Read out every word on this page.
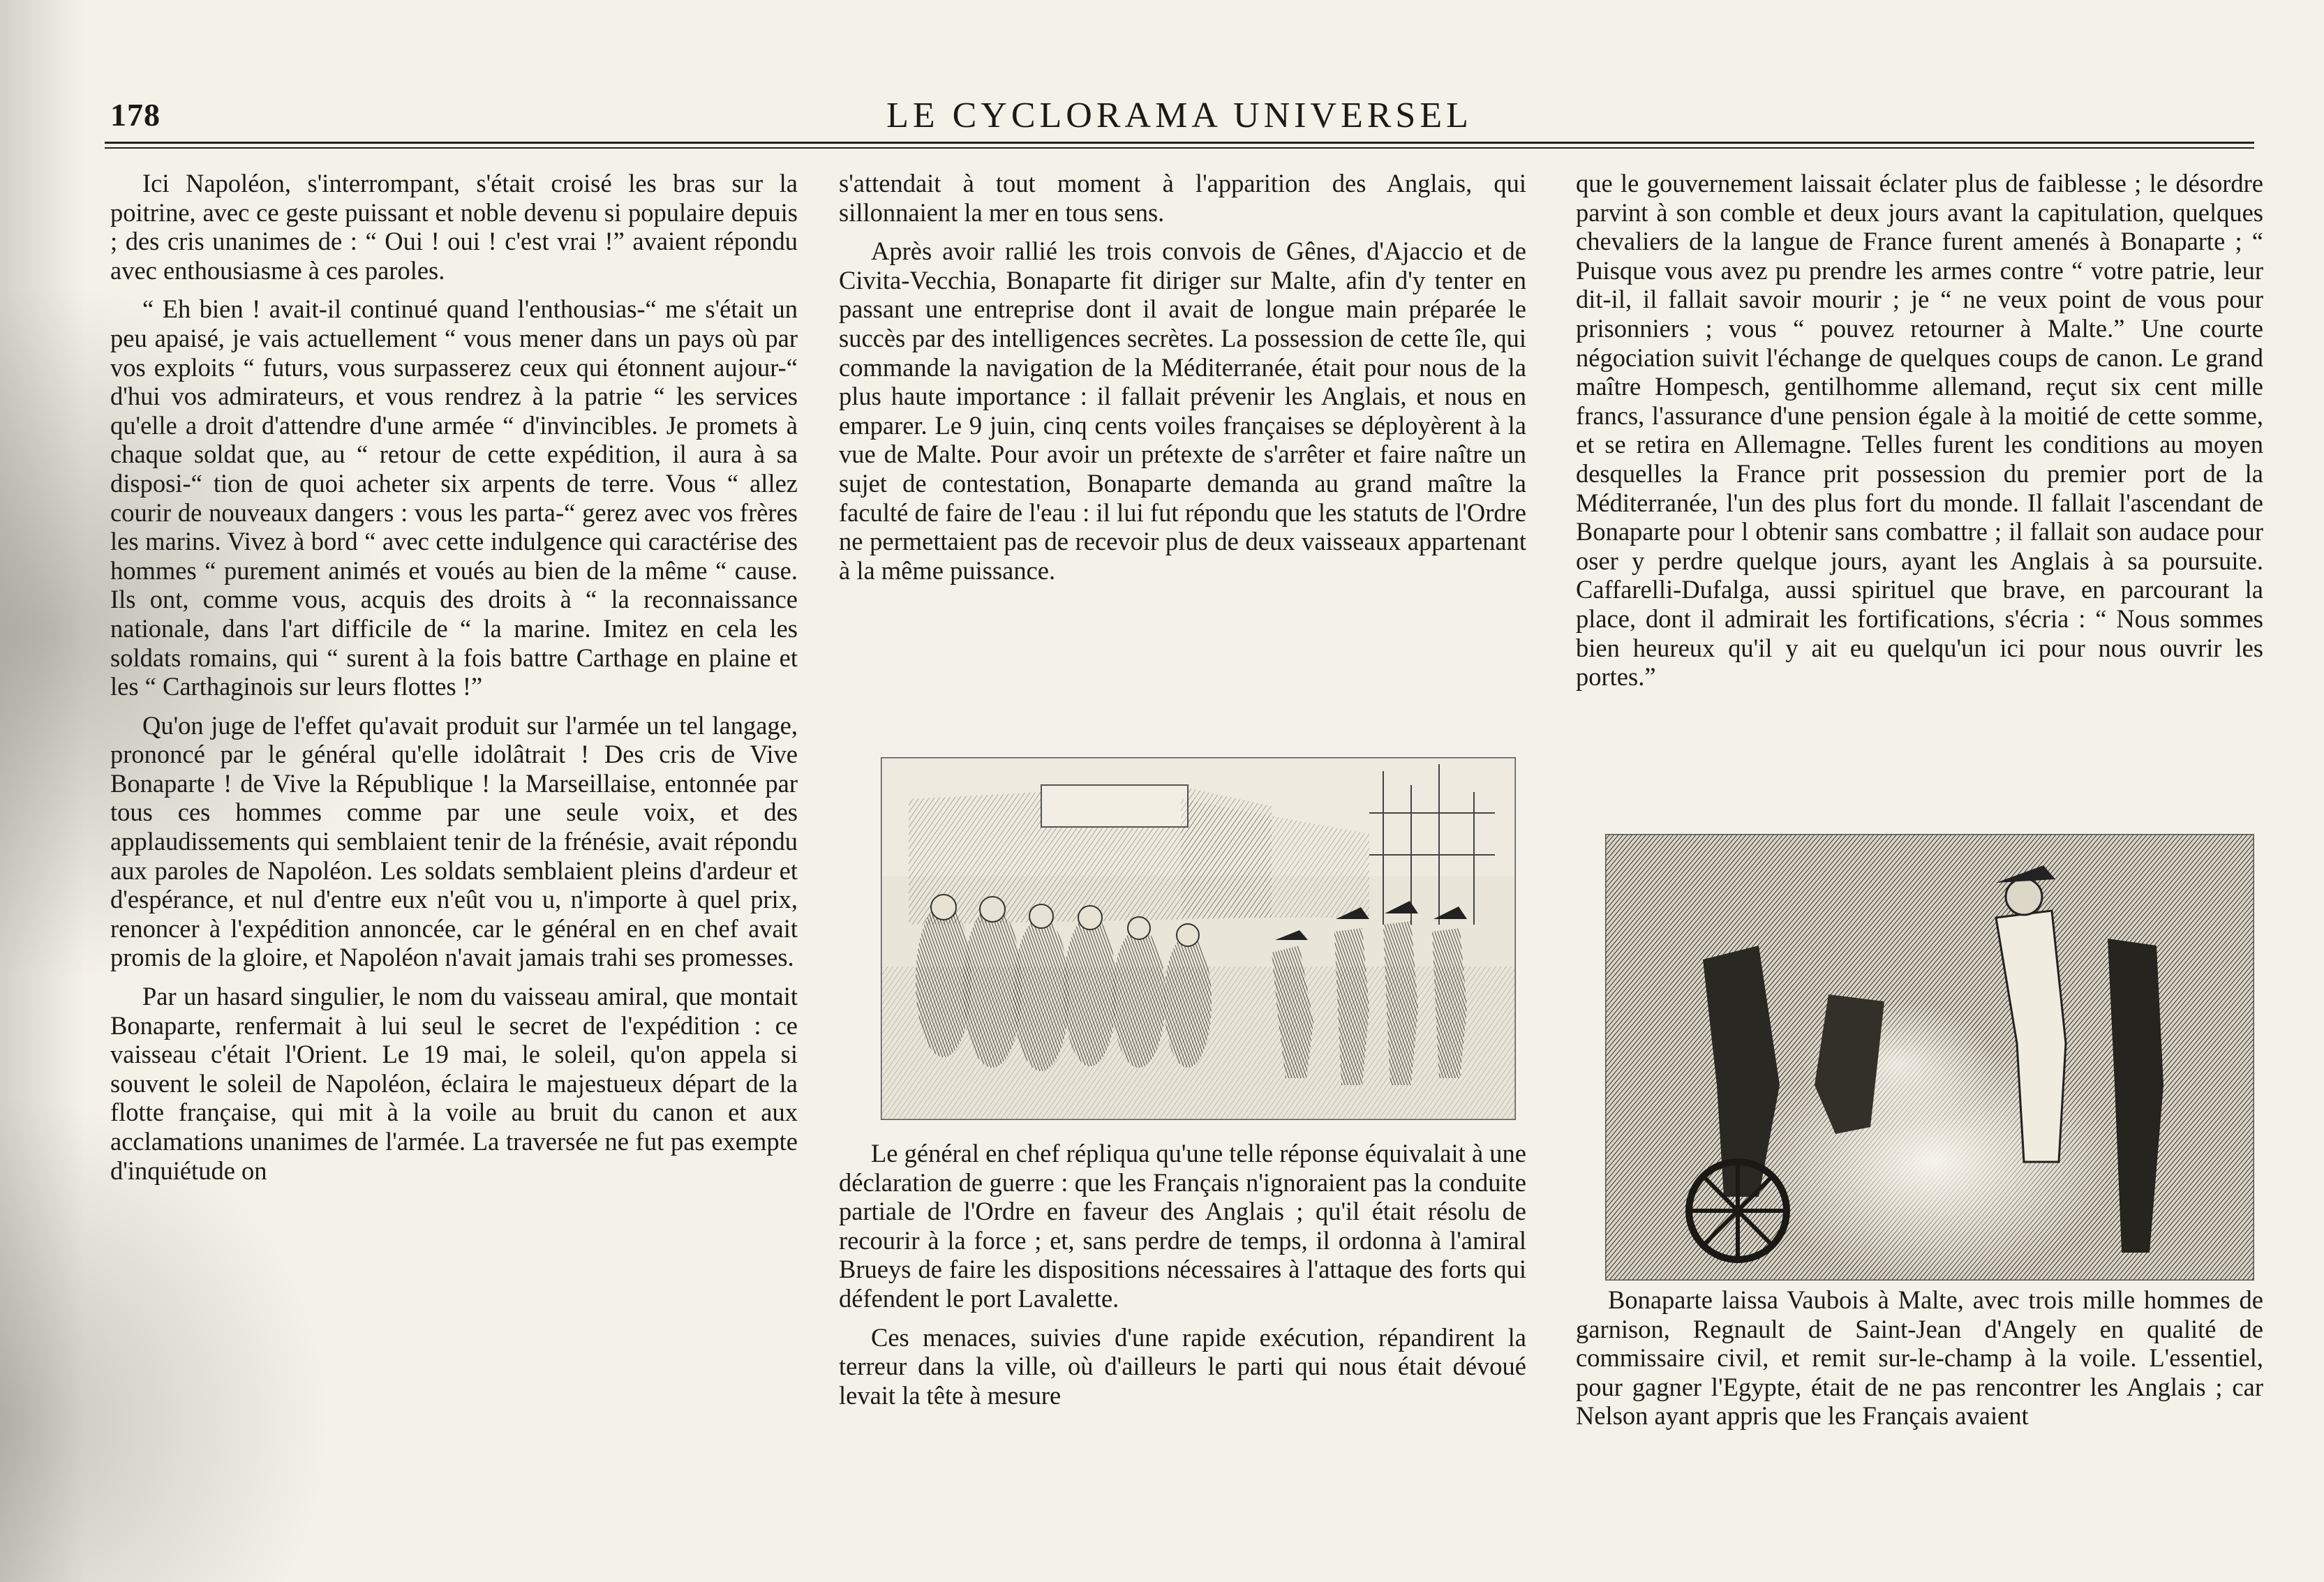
178	LE CYCLORAMA UNIVERSEL

Ici Napoléon, s'interrompant, s'était croisé les bras sur la poitrine, avec ce geste puissant et noble devenu si populaire depuis ; des cris unanimes de : “ Oui ! oui ! c'est vrai !” avaient répondu avec enthousiasme à ces paroles.

“ Eh bien ! avait-il continué quand l'enthousias-“ me s'était un peu apaisé, je vais actuellement “ vous mener dans un pays où par vos exploits “ futurs, vous surpasserez ceux qui étonnent aujour-“ d'hui vos admirateurs, et vous rendrez à la patrie “ les services qu'elle a droit d'attendre d'une armée “ d'invincibles. Je promets à chaque soldat que, au “ retour de cette expédition, il aura à sa disposi-“ tion de quoi acheter six arpents de terre. Vous “ allez courir de nouveaux dangers : vous les parta-“ gerez avec vos frères les marins. Vivez à bord “ avec cette indulgence qui caractérise des hommes “ purement animés et voués au bien de la même “ cause. Ils ont, comme vous, acquis des droits à “ la reconnaissance nationale, dans l'art difficile de “ la marine. Imitez en cela les soldats romains, qui “ surent à la fois battre Carthage en plaine et les “ Carthaginois sur leurs flottes !”

Qu'on juge de l'effet qu'avait produit sur l'armée un tel langage, prononcé par le général qu'elle idolâtrait ! Des cris de Vive Bonaparte ! de Vive la République ! la Marseillaise, entonnée par tous ces hommes comme par une seule voix, et des applaudissements qui semblaient tenir de la frénésie, avait répondu aux paroles de Napoléon. Les soldats semblaient pleins d'ardeur et d'espérance, et nul d'entre eux n'eût vou u, n'importe à quel prix, renoncer à l'expédition annoncée, car le général en en chef avait promis de la gloire, et Napoléon n'avait jamais trahi ses promesses.

Par un hasard singulier, le nom du vaisseau amiral, que montait Bonaparte, renfermait à lui seul le secret de l'expédition : ce vaisseau c'était l'Orient. Le 19 mai, le soleil, qu'on appela si souvent le soleil de Napoléon, éclaira le majestueux départ de la flotte française, qui mit à la voile au bruit du canon et aux acclamations unanimes de l'armée. La traversée ne fut pas exempte d'inquiétude on

s'attendait à tout moment à l'apparition des Anglais, qui sillonnaient la mer en tous sens.

Après avoir rallié les trois convois de Gênes, d'Ajaccio et de Civita-Vecchia, Bonaparte fit diriger sur Malte, afin d'y tenter en passant une entreprise dont il avait de longue main préparée le succès par des intelligences secrètes. La possession de cette île, qui commande la navigation de la Méditerranée, était pour nous de la plus haute importance : il fallait prévenir les Anglais, et nous en emparer. Le 9 juin, cinq cents voiles françaises se déployèrent à la vue de Malte. Pour avoir un prétexte de s'arrêter et faire naître un sujet de contestation, Bonaparte demanda au grand maître la faculté de faire de l'eau : il lui fut répondu que les statuts de l'Ordre ne permettaient pas de recevoir plus de deux vaisseaux appartenant à la même puissance.

Le général en chef répliqua qu'une telle réponse équivalait à une déclaration de guerre : que les Français n'ignoraient pas la conduite partiale de l'Ordre en faveur des Anglais ; qu'il était résolu de recourir à la force ; et, sans perdre de temps, il ordonna à l'amiral Brueys de faire les dispositions nécessaires à l'attaque des forts qui défendent le port Lavalette.

Ces menaces, suivies d'une rapide exécution, répandirent la terreur dans la ville, où d'ailleurs le parti qui nous était dévoué levait la tête à mesure

que le gouvernement laissait éclater plus de faiblesse ; le désordre parvint à son comble et deux jours avant la capitulation, quelques chevaliers de la langue de France furent amenés à Bonaparte ; “ Puisque vous avez pu prendre les armes contre “ votre patrie, leur dit-il, il fallait savoir mourir ; je “ ne veux point de vous pour prisonniers ; vous “ pouvez retourner à Malte.” Une courte négociation suivit l'échange de quelques coups de canon. Le grand maître Hompesch, gentilhomme allemand, reçut six cent mille francs, l'assurance d'une pension égale à la moitié de cette somme, et se retira en Allemagne. Telles furent les conditions au moyen desquelles la France prit possession du premier port de la Méditerranée, l'un des plus fort du monde. Il fallait l'ascendant de Bonaparte pour l obtenir sans combattre ; il fallait son audace pour oser y perdre quelque jours, ayant les Anglais à sa poursuite. Caffarelli-Dufalga, aussi spirituel que brave, en parcourant la place, dont il admirait les fortifications, s'écria : “ Nous sommes bien heureux qu'il y ait eu quelqu'un ici pour nous ouvrir les portes.”

Bonaparte laissa Vaubois à Malte, avec trois mille hommes de garnison, Regnault de Saint-Jean d'Angely en qualité de commissaire civil, et remit sur-le-champ à la voile. L'essentiel, pour gagner l'Egypte, était de ne pas rencontrer les Anglais ; car Nelson ayant appris que les Français avaient
